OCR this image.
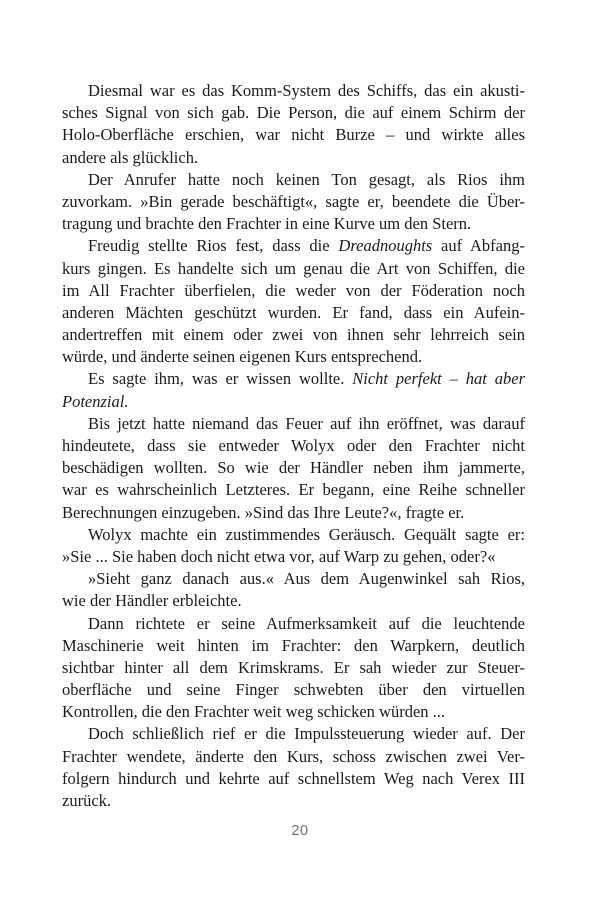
Diesmal war es das Komm-System des Schiffs, das ein akusti-
sches Signal von sich gab. Die Person, die auf einem Schirm der
Holo-Oberfläche erschien, war nicht Burze – und wirkte alles
andere als glücklich.
Der Anrufer hatte noch keinen Ton gesagt, als Rios ihm
zuvorkam. »Bin gerade beschäftigt«, sagte er, beendete die Über-
tragung und brachte den Frachter in eine Kurve um den Stern.
Freudig stellte Rios fest, dass die Dreadnoughts auf Abfang-
kurs gingen. Es handelte sich um genau die Art von Schiffen, die
im All Frachter überfielen, die weder von der Föderation noch
anderen Mächten geschützt wurden. Er fand, dass ein Aufein-
andertreffen mit einem oder zwei von ihnen sehr lehrreich sein
würde, und änderte seinen eigenen Kurs entsprechend.
Es sagte ihm, was er wissen wollte. Nicht perfekt – hat aber
Potenzial.
Bis jetzt hatte niemand das Feuer auf ihn eröffnet, was darauf
hindeutete, dass sie entweder Wolyx oder den Frachter nicht
beschädigen wollten. So wie der Händler neben ihm jammerte,
war es wahrscheinlich Letzteres. Er begann, eine Reihe schneller
Berechnungen einzugeben. »Sind das Ihre Leute?«, fragte er.
Wolyx machte ein zustimmendes Geräusch. Gequält sagte er:
»Sie ... Sie haben doch nicht etwa vor, auf Warp zu gehen, oder?«
»Sieht ganz danach aus.« Aus dem Augenwinkel sah Rios,
wie der Händler erbleichte.
Dann richtete er seine Aufmerksamkeit auf die leuchtende
Maschinerie weit hinten im Frachter: den Warpkern, deutlich
sichtbar hinter all dem Krimskrams. Er sah wieder zur Steuer-
oberfläche und seine Finger schwebten über den virtuellen
Kontrollen, die den Frachter weit weg schicken würden ...
Doch schließlich rief er die Impulssteuerung wieder auf. Der
Frachter wendete, änderte den Kurs, schoss zwischen zwei Ver-
folgern hindurch und kehrte auf schnellstem Weg nach Verex III
zurück.
20
